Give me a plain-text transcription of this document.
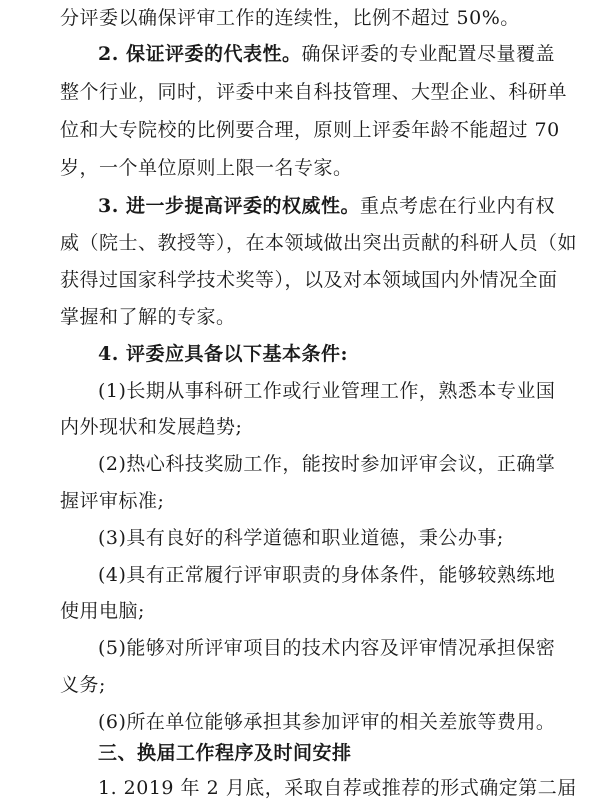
分评委以确保评审工作的连续性，比例不超过 50%。
2. 保证评委的代表性。确保评委的专业配置尽量覆盖
整个行业，同时，评委中来自科技管理、大型企业、科研单
位和大专院校的比例要合理，原则上评委年龄不能超过 70
岁，一个单位原则上限一名专家。
3. 进一步提高评委的权威性。重点考虑在行业内有权
威（院士、教授等），在本领域做出突出贡献的科研人员（如
获得过国家科学技术奖等），以及对本领域国内外情况全面
掌握和了解的专家。
4. 评委应具备以下基本条件:
(1)长期从事科研工作或行业管理工作，熟悉本专业国
内外现状和发展趋势;
(2)热心科技奖励工作，能按时参加评审会议，正确掌
握评审标准;
(3)具有良好的科学道德和职业道德，秉公办事;
(4)具有正常履行评审职责的身体条件，能够较熟练地
使用电脑;
(5)能够对所评审项目的技术内容及评审情况承担保密
义务;
(6)所在单位能够承担其参加评审的相关差旅等费用。
三、换届工作程序及时间安排
1. 2019 年 2 月底，采取自荐或推荐的形式确定第二届
